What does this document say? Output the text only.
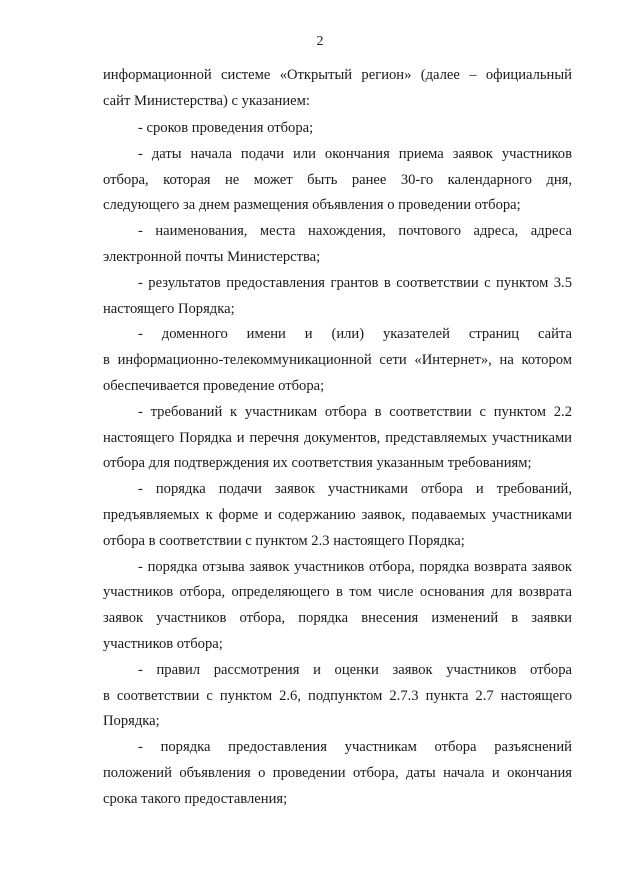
2
информационной системе «Открытый регион» (далее – официальный
сайт Министерства) с указанием:
- сроков проведения отбора;
- даты начала подачи или окончания приема заявок участников
отбора, которая не может быть ранее 30-го календарного дня,
следующего за днем размещения объявления о проведении отбора;
- наименования, места нахождения, почтового адреса, адреса
электронной почты Министерства;
- результатов предоставления грантов в соответствии с пунктом 3.5
настоящего Порядка;
- доменного имени и (или) указателей страниц сайта
в информационно-телекоммуникационной сети «Интернет», на котором
обеспечивается проведение отбора;
- требований к участникам отбора в соответствии с пунктом 2.2
настоящего Порядка и перечня документов, представляемых участниками
отбора для подтверждения их соответствия указанным требованиям;
- порядка подачи заявок участниками отбора и требований,
предъявляемых к форме и содержанию заявок, подаваемых участниками
отбора в соответствии с пунктом 2.3 настоящего Порядка;
- порядка отзыва заявок участников отбора, порядка возврата заявок
участников отбора, определяющего в том числе основания для возврата
заявок участников отбора, порядка внесения изменений в заявки
участников отбора;
- правил рассмотрения и оценки заявок участников отбора
в соответствии с пунктом 2.6, подпунктом 2.7.3 пункта 2.7 настоящего
Порядка;
- порядка предоставления участникам отбора разъяснений
положений объявления о проведении отбора, даты начала и окончания
срока такого предоставления;
